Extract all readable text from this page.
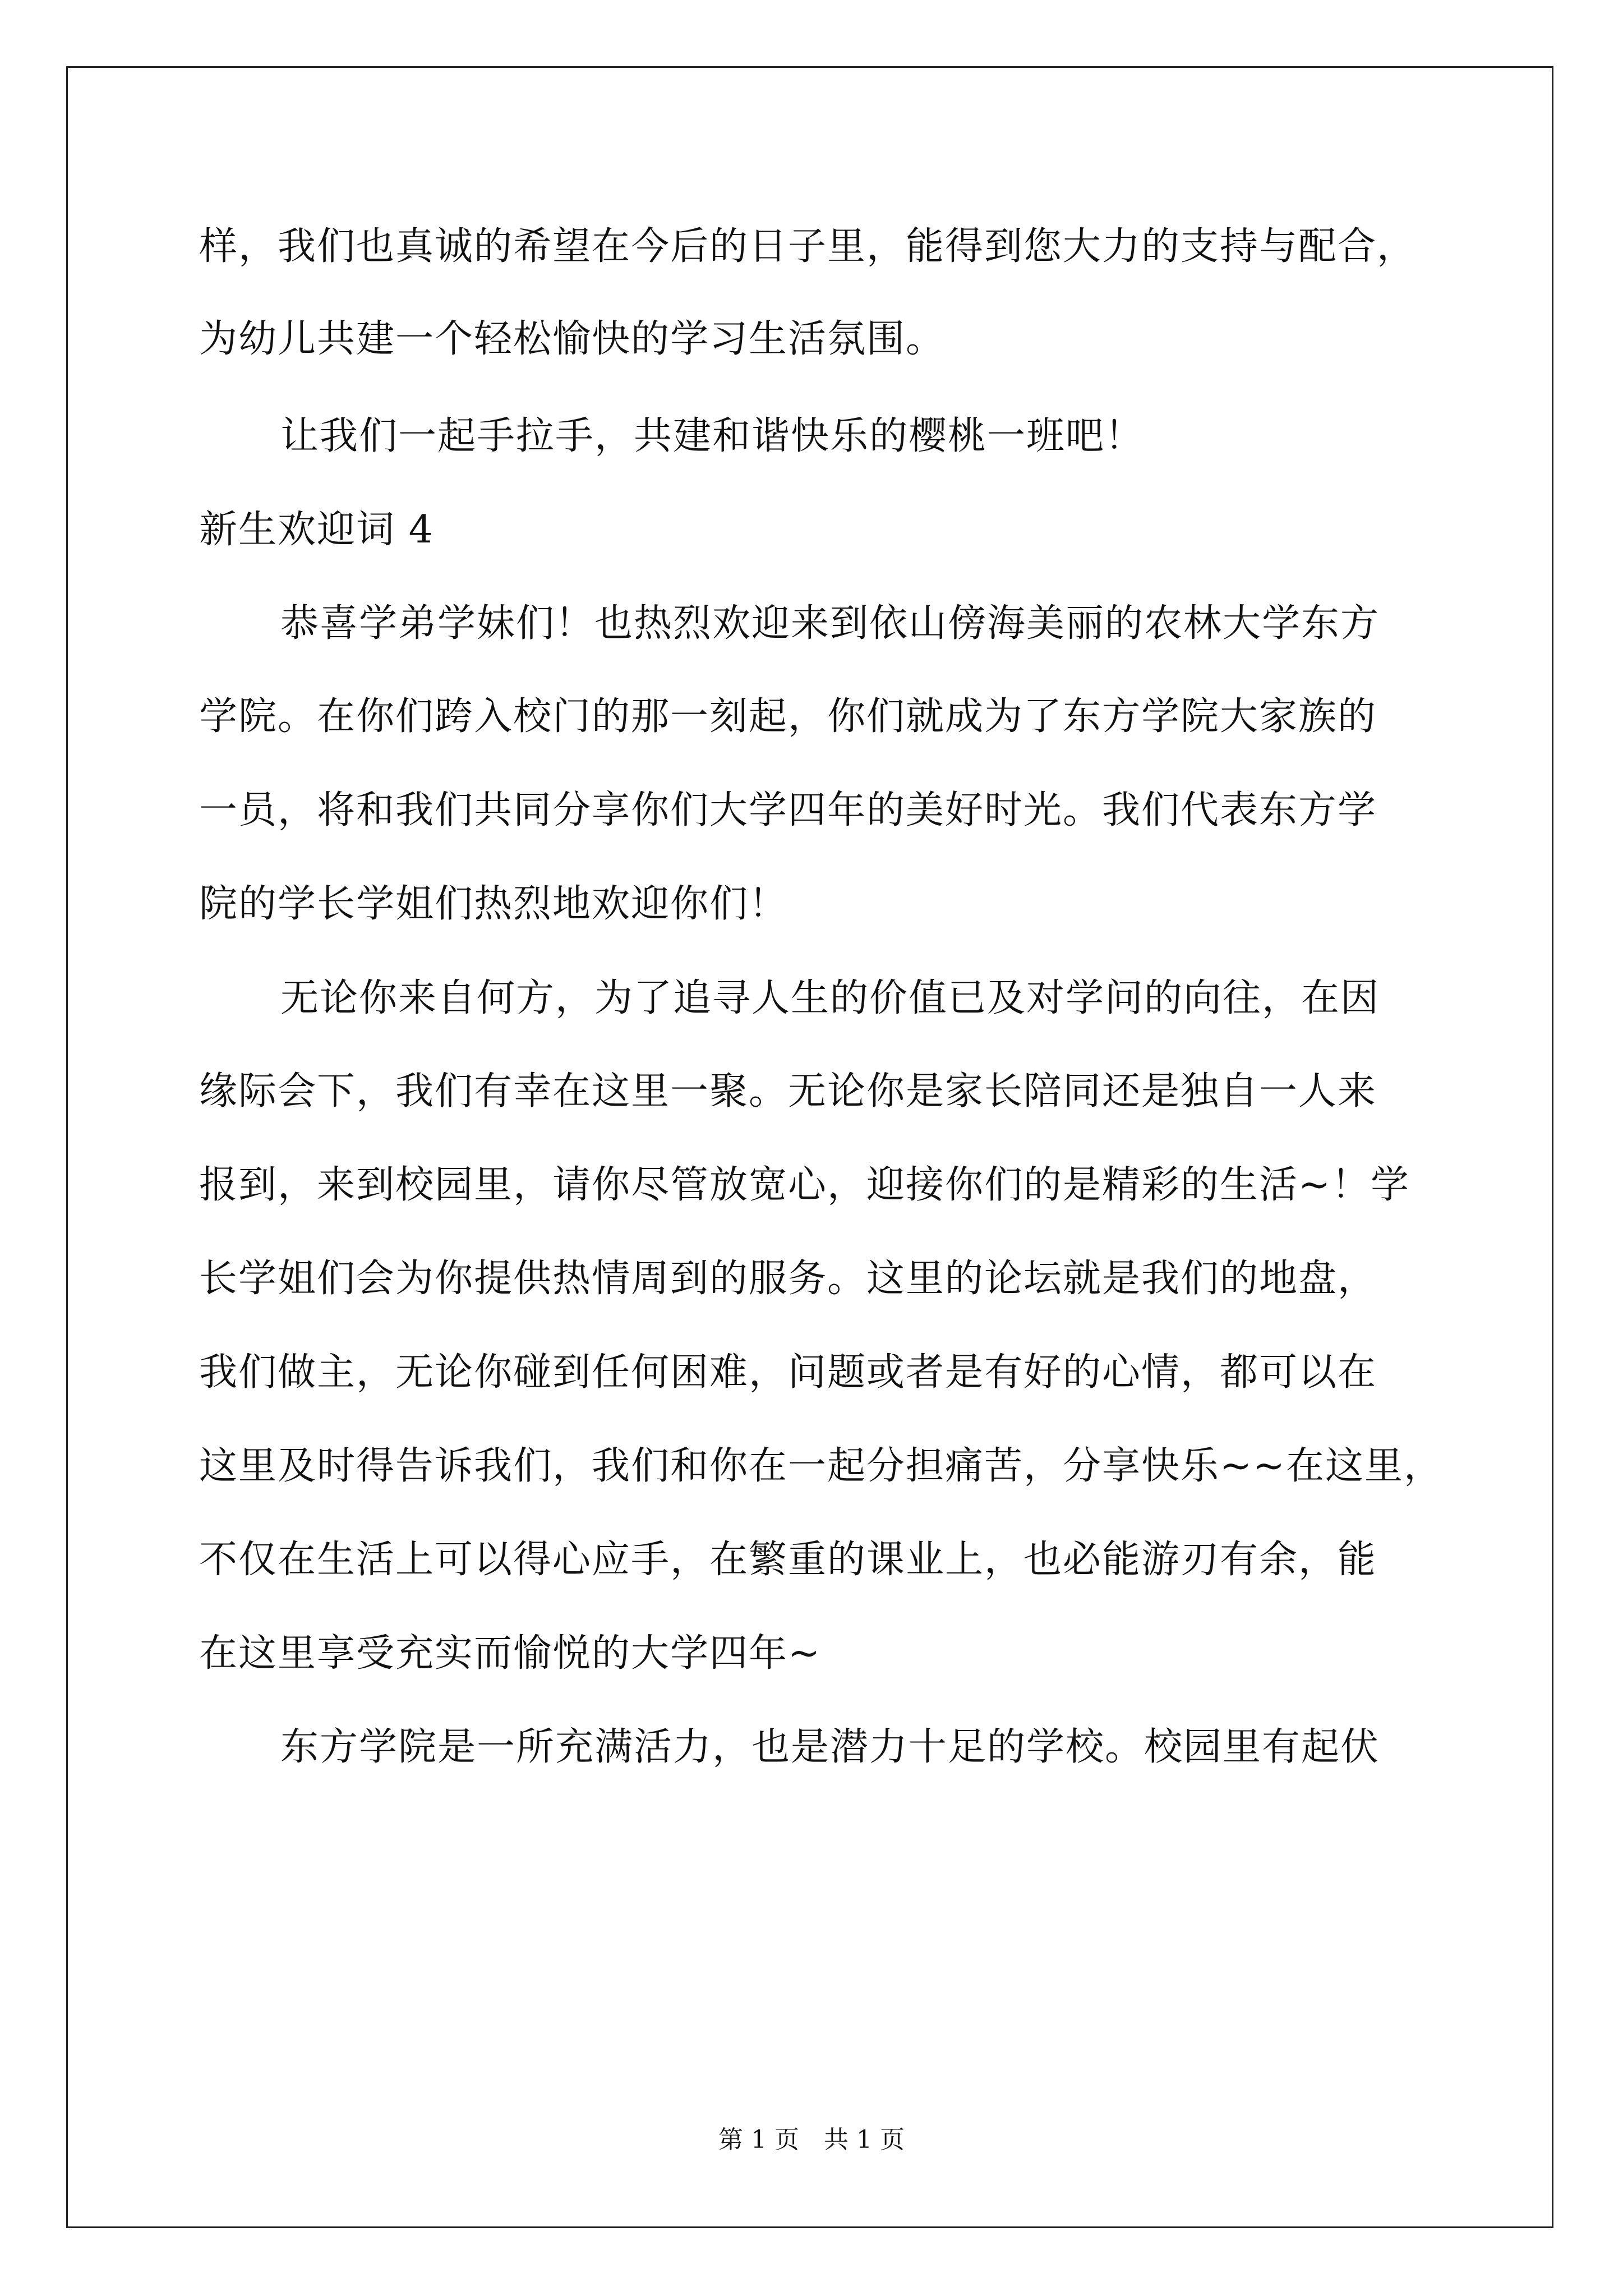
样，我们也真诚的希望在今后的日子里，能得到您大力的支持与配合，
为幼儿共建一个轻松愉快的学习生活氛围。
让我们一起手拉手，共建和谐快乐的樱桃一班吧！
新生欢迎词 4
恭喜学弟学妹们！也热烈欢迎来到依山傍海美丽的农林大学东方
学院。在你们跨入校门的那一刻起，你们就成为了东方学院大家族的
一员，将和我们共同分享你们大学四年的美好时光。我们代表东方学
院的学长学姐们热烈地欢迎你们！
无论你来自何方，为了追寻人生的价值已及对学问的向往，在因
缘际会下，我们有幸在这里一聚。无论你是家长陪同还是独自一人来
报到，来到校园里，请你尽管放宽心，迎接你们的是精彩的生活~！学
长学姐们会为你提供热情周到的服务。这里的论坛就是我们的地盘，
我们做主，无论你碰到任何困难，问题或者是有好的心情，都可以在
这里及时得告诉我们，我们和你在一起分担痛苦，分享快乐~~在这里，
不仅在生活上可以得心应手，在繁重的课业上，也必能游刃有余，能
在这里享受充实而愉悦的大学四年~
东方学院是一所充满活力，也是潜力十足的学校。校园里有起伏
第 1 页　共 1 页
